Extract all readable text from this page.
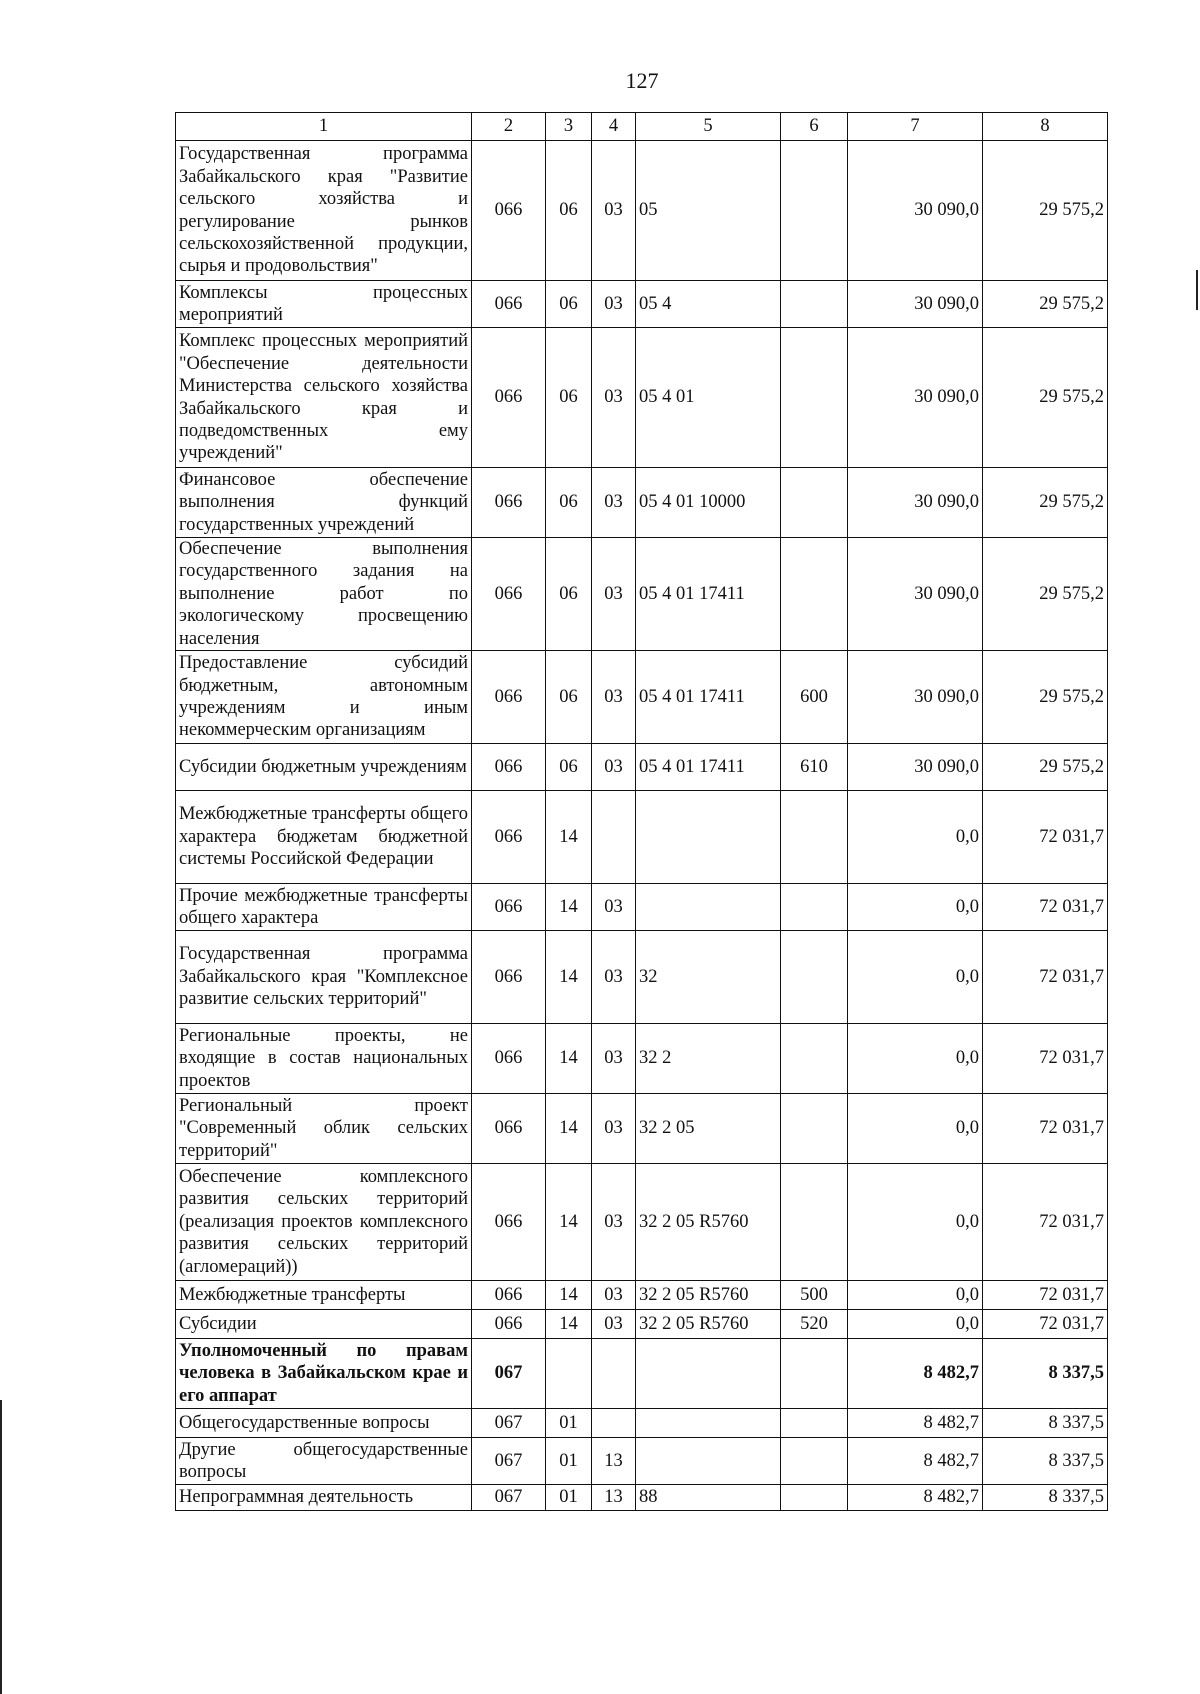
127
1	2	3	4	5	6	7	8
Государственная программа Забайкальского края "Развитие сельского хозяйства и регулирование рынков сельскохозяйственной продукции, сырья и продовольствия"	066	06	03	05		30 090,0	29 575,2
Комплексы процессных мероприятий	066	06	03	05 4		30 090,0	29 575,2
Комплекс процессных мероприятий "Обеспечение деятельности Министерства сельского хозяйства Забайкальского края и подведомственных ему учреждений"	066	06	03	05 4 01		30 090,0	29 575,2
Финансовое обеспечение выполнения функций государственных учреждений	066	06	03	05 4 01 10000		30 090,0	29 575,2
Обеспечение выполнения государственного задания на выполнение работ по экологическому просвещению населения	066	06	03	05 4 01 17411		30 090,0	29 575,2
Предоставление субсидий бюджетным, автономным учреждениям и иным некоммерческим организациям	066	06	03	05 4 01 17411	600	30 090,0	29 575,2
Субсидии бюджетным учреждениям	066	06	03	05 4 01 17411	610	30 090,0	29 575,2
Межбюджетные трансферты общего характера бюджетам бюджетной системы Российской Федерации	066	14				0,0	72 031,7
Прочие межбюджетные трансферты общего характера	066	14	03			0,0	72 031,7
Государственная программа Забайкальского края "Комплексное развитие сельских территорий"	066	14	03	32		0,0	72 031,7
Региональные проекты, не входящие в состав национальных проектов	066	14	03	32 2		0,0	72 031,7
Региональный проект "Современный облик сельских территорий"	066	14	03	32 2 05		0,0	72 031,7
Обеспечение комплексного развития сельских территорий (реализация проектов комплексного развития сельских территорий (агломераций))	066	14	03	32 2 05 R5760		0,0	72 031,7
Межбюджетные трансферты	066	14	03	32 2 05 R5760	500	0,0	72 031,7
Субсидии	066	14	03	32 2 05 R5760	520	0,0	72 031,7
Уполномоченный по правам человека в Забайкальском крае и его аппарат	067					8 482,7	8 337,5
Общегосударственные вопросы	067	01				8 482,7	8 337,5
Другие общегосударственные вопросы	067	01	13			8 482,7	8 337,5
Непрограммная деятельность	067	01	13	88		8 482,7	8 337,5
